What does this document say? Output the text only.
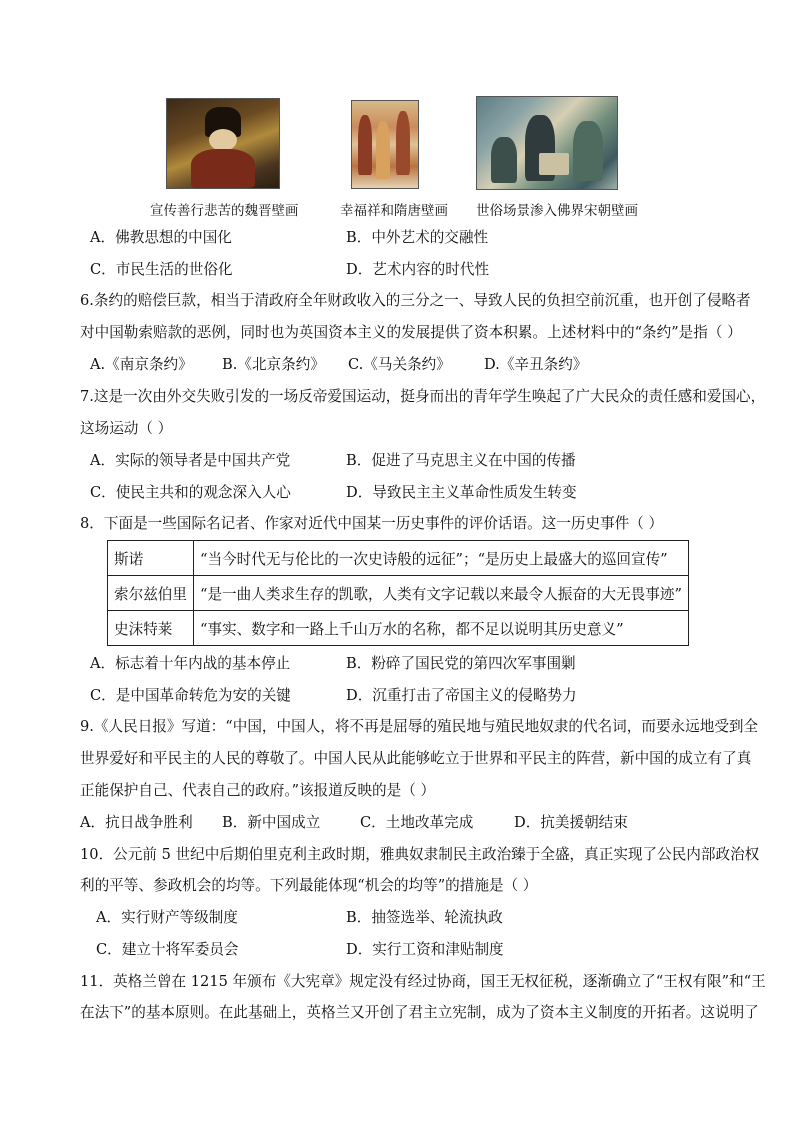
宣传善行悲苦的魏晋壁画	幸福祥和隋唐壁画 世俗场景渗入佛界宋朝壁画
A．佛教思想的中国化	B．中外艺术的交融性
C．市民生活的世俗化	D．艺术内容的时代性
6.条约的赔偿巨款，相当于清政府全年财政收入的三分之一、导致人民的负担空前沉重，也开创了侵略者
对中国勒索赔款的恶例，同时也为英国资本主义的发展提供了资本积累。上述材料中的“条约”是指（ ）
A.《南京条约》 B.《北京条约》 C.《马关条约》 D.《辛丑条约》
7.这是一次由外交失败引发的一场反帝爱国运动，挺身而出的青年学生唤起了广大民众的责任感和爱国心，
这场运动（ ）
A．实际的领导者是中国共产党	B．促进了马克思主义在中国的传播
C．使民主共和的观念深入人心	D．导致民主主义革命性质发生转变
8．下面是一些国际名记者、作家对近代中国某一历史事件的评价话语。这一历史事件（ ）
斯诺	“当今时代无与伦比的一次史诗般的远征”；“是历史上最盛大的巡回宣传”
索尔兹伯里	“是一曲人类求生存的凯歌，人类有文字记载以来最令人振奋的大无畏事迹”
史沫特莱	“事实、数字和一路上千山万水的名称，都不足以说明其历史意义”
A．标志着十年内战的基本停止	B．粉碎了国民党的第四次军事围剿
C．是中国革命转危为安的关键	D．沉重打击了帝国主义的侵略势力
9.《人民日报》写道：“中国，中国人，将不再是屈辱的殖民地与殖民地奴隶的代名词，而要永远地受到全
世界爱好和平民主的人民的尊敬了。中国人民从此能够屹立于世界和平民主的阵营，新中国的成立有了真
正能保护自己、代表自己的政府。”该报道反映的是（ ）
A．抗日战争胜利 B．新中国成立	C．土地改革完成	D．抗美援朝结束
10．公元前 5 世纪中后期伯里克利主政时期，雅典奴隶制民主政治臻于全盛，真正实现了公民内部政治权
利的平等、参政机会的均等。下列最能体现“机会的均等”的措施是（ ）
A．实行财产等级制度	B．抽签选举、轮流执政
C．建立十将军委员会	D．实行工资和津贴制度
11．英格兰曾在 1215 年颁布《大宪章》规定没有经过协商，国王无权征税，逐渐确立了“王权有限”和“王
在法下”的基本原则。在此基础上，英格兰又开创了君主立宪制，成为了资本主义制度的开拓者。这说明了
